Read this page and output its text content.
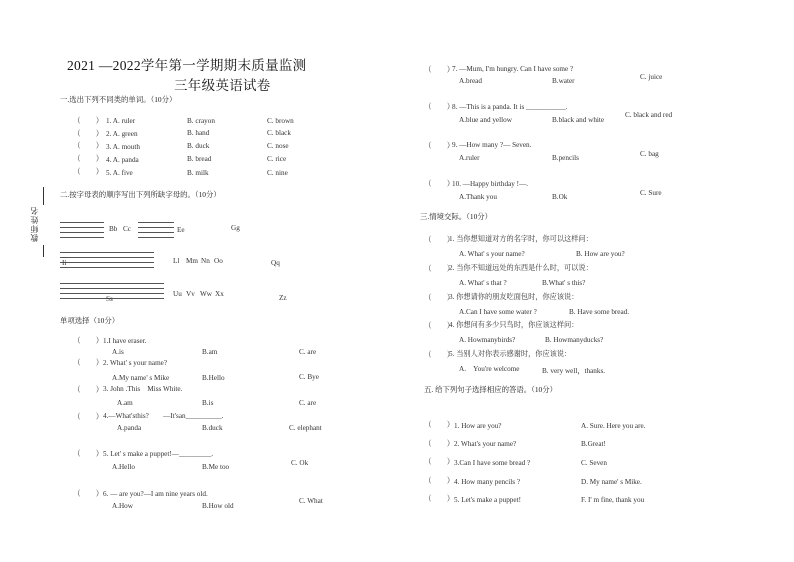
2021 —2022学年第一学期期末质量监测
三年级英语试卷
教师姓名
一.选出下列不同类的单词。（10分）
（　　） 1. A. ruler	B. crayon	C. brown
（　　） 2. A. green	B. hand	C. black
（　　） 3. A. mouth	B. duck	C. nose
（　　） 4. A. panda	B. bread	C. rice
（　　） 5. A. five	B. milk	C. nine
二.按字母表的顺序写出下列所缺字母的。（10分）
Bb Cc	Ee	Gg
Ii	Ll Mm Nn Oo	Qq
Ss
Uu Vv Ww Xx	Zz
单项选择（10分）
（　　） 1.I have eraser.
A.is	B.am	C. are
（　　） 2. What' s your name?
A.My name' s Mike	B.Hello	C. Bye
（　　） 3. John .This　Miss White.
A.am	B.is	C. are
（　　） 4.—What'sthis?　　—It'san__________.
A.panda	B.duck	C. elephant
（　　） 5. Let' s make a puppet!—_________.
A.Hello	B.Me too	C. Ok
（　　） 6. — are you?—I am nine years old.
A.How	B.How old
C. What
（　　）
7. —Mum, I'm hungry. Can I have some ?
A.bread	B.water	C. juice
（　　）
8. —This is a panda. It is ___________.
A.blue and yellow	B.black and white
C. black and red
（　　）
9. —How many ?— Seven.
A.ruler	B.pencils	C. bag
（　　）
10. —Happy birthday !—.
A.Thank you	B.Ok	C. Sure
三.情境交际。（10分）
（　　）
1. 当你想知道对方的名字时，你可以这样问：
A. What' s your name?	B. How are you?
（　　）
2. 当你不知道远处的东西是什么时，可以说：
A. What' s that ?	B.What' s this?
（　　）
3. 你想请你的朋友吃面包时，你应该说：
A.Can I have some water ?	B. Have some bread.
（　　）
4. 你想问有多少只鸟时，你应该这样问：
A. Howmanybirds?	B. Howmanyducks?
（　　）
5. 当别人对你表示感谢时，你应该说：
A.　You're welcome	B. very well，thanks.
五. 给下列句子选择相应的答语。（10分）
（　　） 1. How are you?	A. Sure. Here you are.
（　　） 2. What's your name?	B.Great!
（　　） 3.Can I have some bread ?	C. Seven
（　　） 4. How many pencils ?	D. My name' s Mike.
（　　） 5. Let's make a puppet!	F. I' m fine, thank you
